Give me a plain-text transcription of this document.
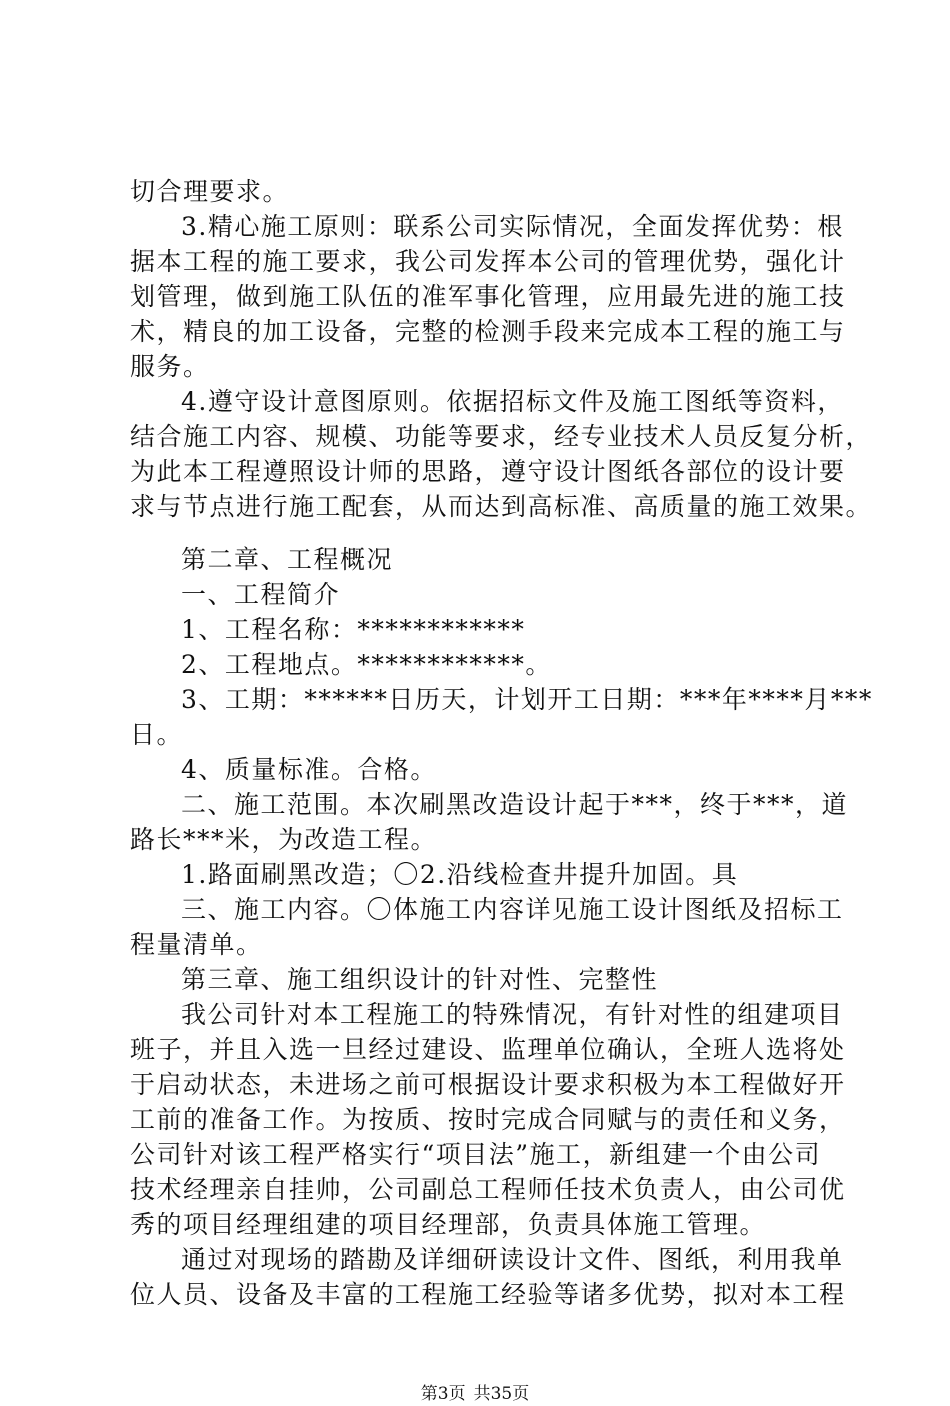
切合理要求。
3.精心施工原则：联系公司实际情况，全面发挥优势：根
据本工程的施工要求，我公司发挥本公司的管理优势，强化计
划管理，做到施工队伍的准军事化管理，应用最先进的施工技
术，精良的加工设备，完整的检测手段来完成本工程的施工与
服务。
4.遵守设计意图原则。依据招标文件及施工图纸等资料，
结合施工内容、规模、功能等要求，经专业技术人员反复分析，
为此本工程遵照设计师的思路，遵守设计图纸各部位的设计要
求与节点进行施工配套，从而达到高标准、高质量的施工效果。
第二章、工程概况
一、工程简介
1、工程名称：************
2、工程地点。************。
3、工期：******日历天，计划开工日期：***年****月***
日。
4、质量标准。合格。
二、施工范围。本次刷黑改造设计起于***，终于***，道
路长***米，为改造工程。
1.路面刷黑改造；〇2.沿线检查井提升加固。具
三、施工内容。〇体施工内容详见施工设计图纸及招标工
程量清单。
第三章、施工组织设计的针对性、完整性
我公司针对本工程施工的特殊情况，有针对性的组建项目
班子，并且入选一旦经过建设、监理单位确认，全班人选将处
于启动状态，未进场之前可根据设计要求积极为本工程做好开
工前的准备工作。为按质、按时完成合同赋与的责任和义务，
公司针对该工程严格实行“项目法”施工，新组建一个由公司
技术经理亲自挂帅，公司副总工程师任技术负责人，由公司优
秀的项目经理组建的项目经理部，负责具体施工管理。
通过对现场的踏勘及详细研读设计文件、图纸，利用我单
位人员、设备及丰富的工程施工经验等诸多优势，拟对本工程
第3页 共35页
